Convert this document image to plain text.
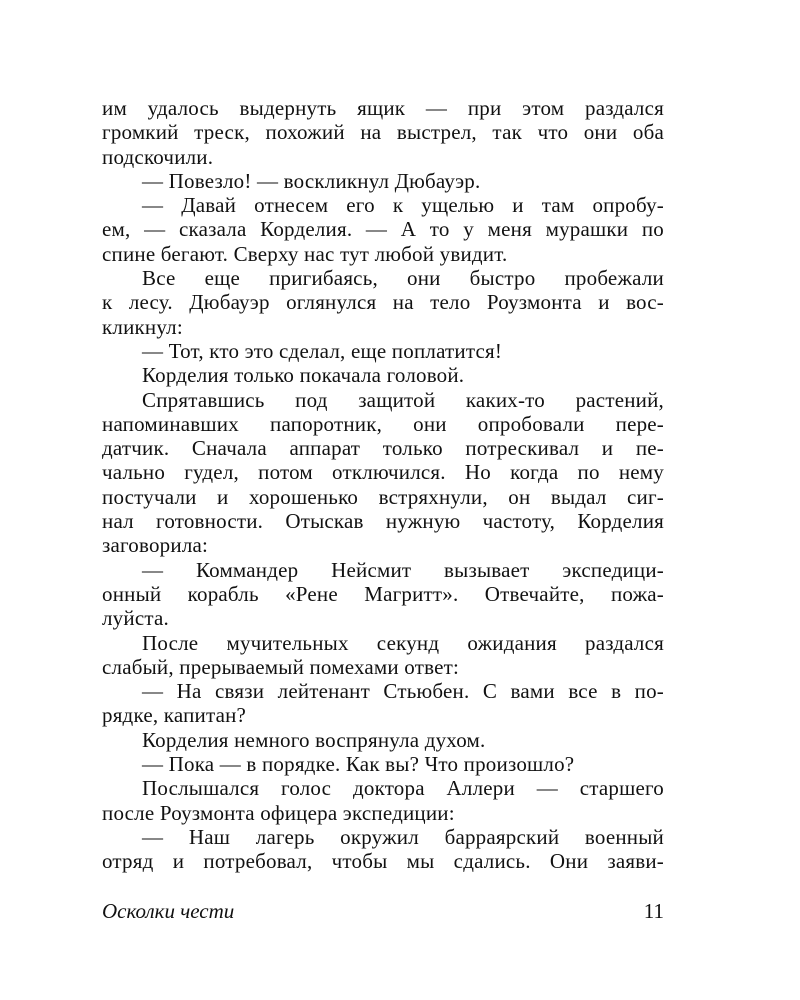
им удалось выдернуть ящик — при этом раздался
громкий треск, похожий на выстрел, так что они оба
подскочили.
— Повезло! — воскликнул Дюбауэр.
— Давай отнесем его к ущелью и там опробу-
ем, — сказала Корделия. — А то у меня мурашки по
спине бегают. Сверху нас тут любой увидит.
Все еще пригибаясь, они быстро пробежали
к лесу. Дюбауэр оглянулся на тело Роузмонта и вос-
кликнул:
— Тот, кто это сделал, еще поплатится!
Корделия только покачала головой.
Спрятавшись под защитой каких-то растений,
напоминавших папоротник, они опробовали пере-
датчик. Сначала аппарат только потрескивал и пе-
чально гудел, потом отключился. Но когда по нему
постучали и хорошенько встряхнули, он выдал сиг-
нал готовности. Отыскав нужную частоту, Корделия
заговорила:
— Коммандер Нейсмит вызывает экспедици-
онный корабль «Рене Магритт». Отвечайте, пожа-
луйста.
После мучительных секунд ожидания раздался
слабый, прерываемый помехами ответ:
— На связи лейтенант Стьюбен. С вами все в по-
рядке, капитан?
Корделия немного воспрянула духом.
— Пока — в порядке. Как вы? Что произошло?
Послышался голос доктора Аллери — старшего
после Роузмонта офицера экспедиции:
— Наш лагерь окружил барраярский военный
отряд и потребовал, чтобы мы сдались. Они заяви-
Осколки чести	11
